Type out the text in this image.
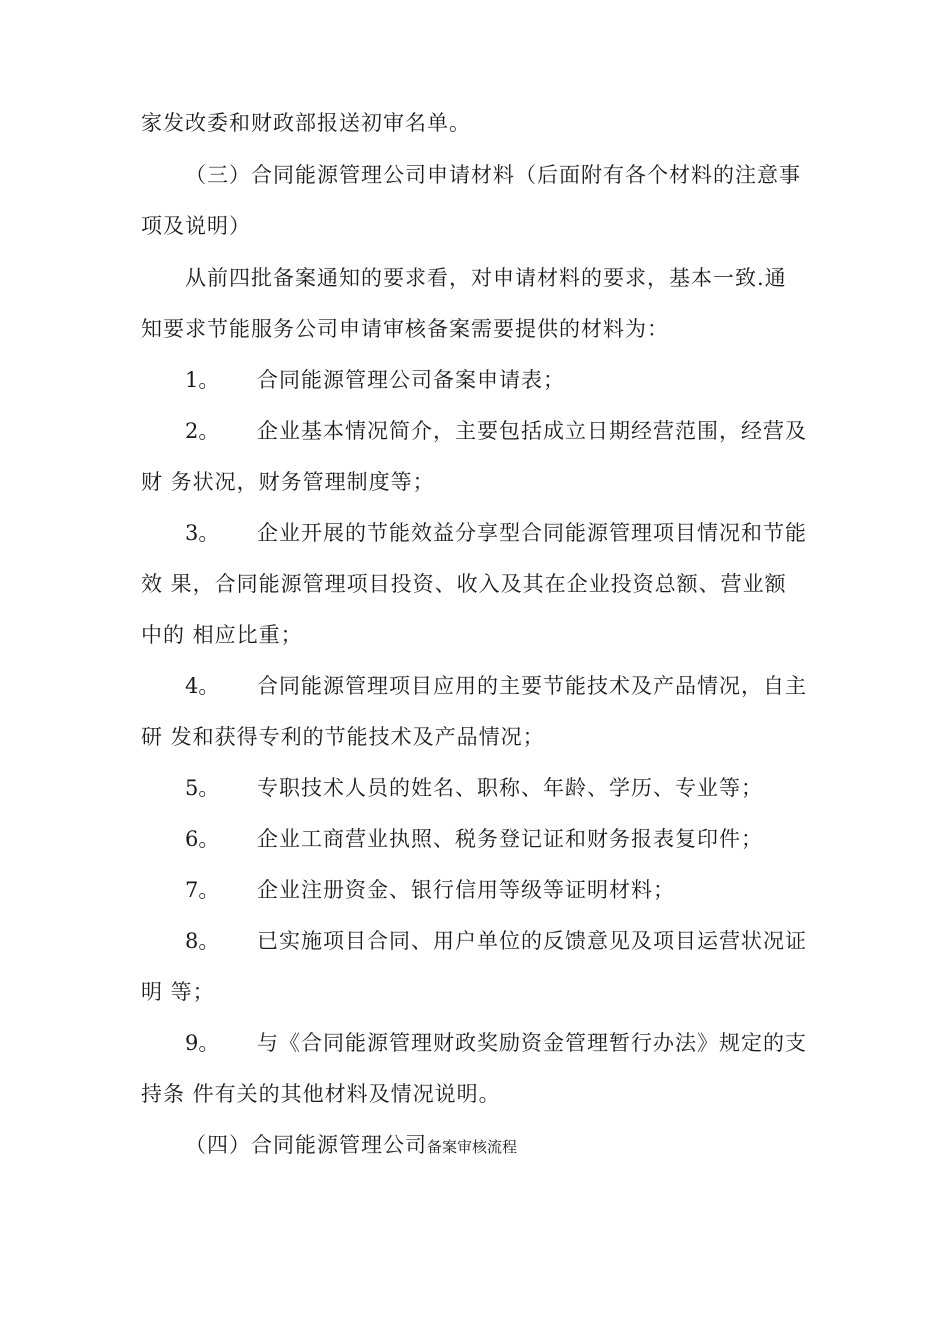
家发改委和财政部报送初审名单。
（三）合同能源管理公司申请材料（后面附有各个材料的注意事
项及说明）
从前四批备案通知的要求看，对申请材料的要求，基本一致.通
知要求节能服务公司申请审核备案需要提供的材料为：
1。 合同能源管理公司备案申请表；
2。 企业基本情况简介，主要包括成立日期经营范围，经营及
财 务状况，财务管理制度等；
3。 企业开展的节能效益分享型合同能源管理项目情况和节能
效 果，合同能源管理项目投资、收入及其在企业投资总额、营业额
中的 相应比重；
4。 合同能源管理项目应用的主要节能技术及产品情况，自主
研 发和获得专利的节能技术及产品情况；
5。 专职技术人员的姓名、职称、年龄、学历、专业等；
6。 企业工商营业执照、税务登记证和财务报表复印件；
7。 企业注册资金、银行信用等级等证明材料；
8。 已实施项目合同、用户单位的反馈意见及项目运营状况证
明 等；
9。 与《合同能源管理财政奖励资金管理暂行办法》规定的支
持条 件有关的其他材料及情况说明。
（四）合同能源管理公司备案审核流程
